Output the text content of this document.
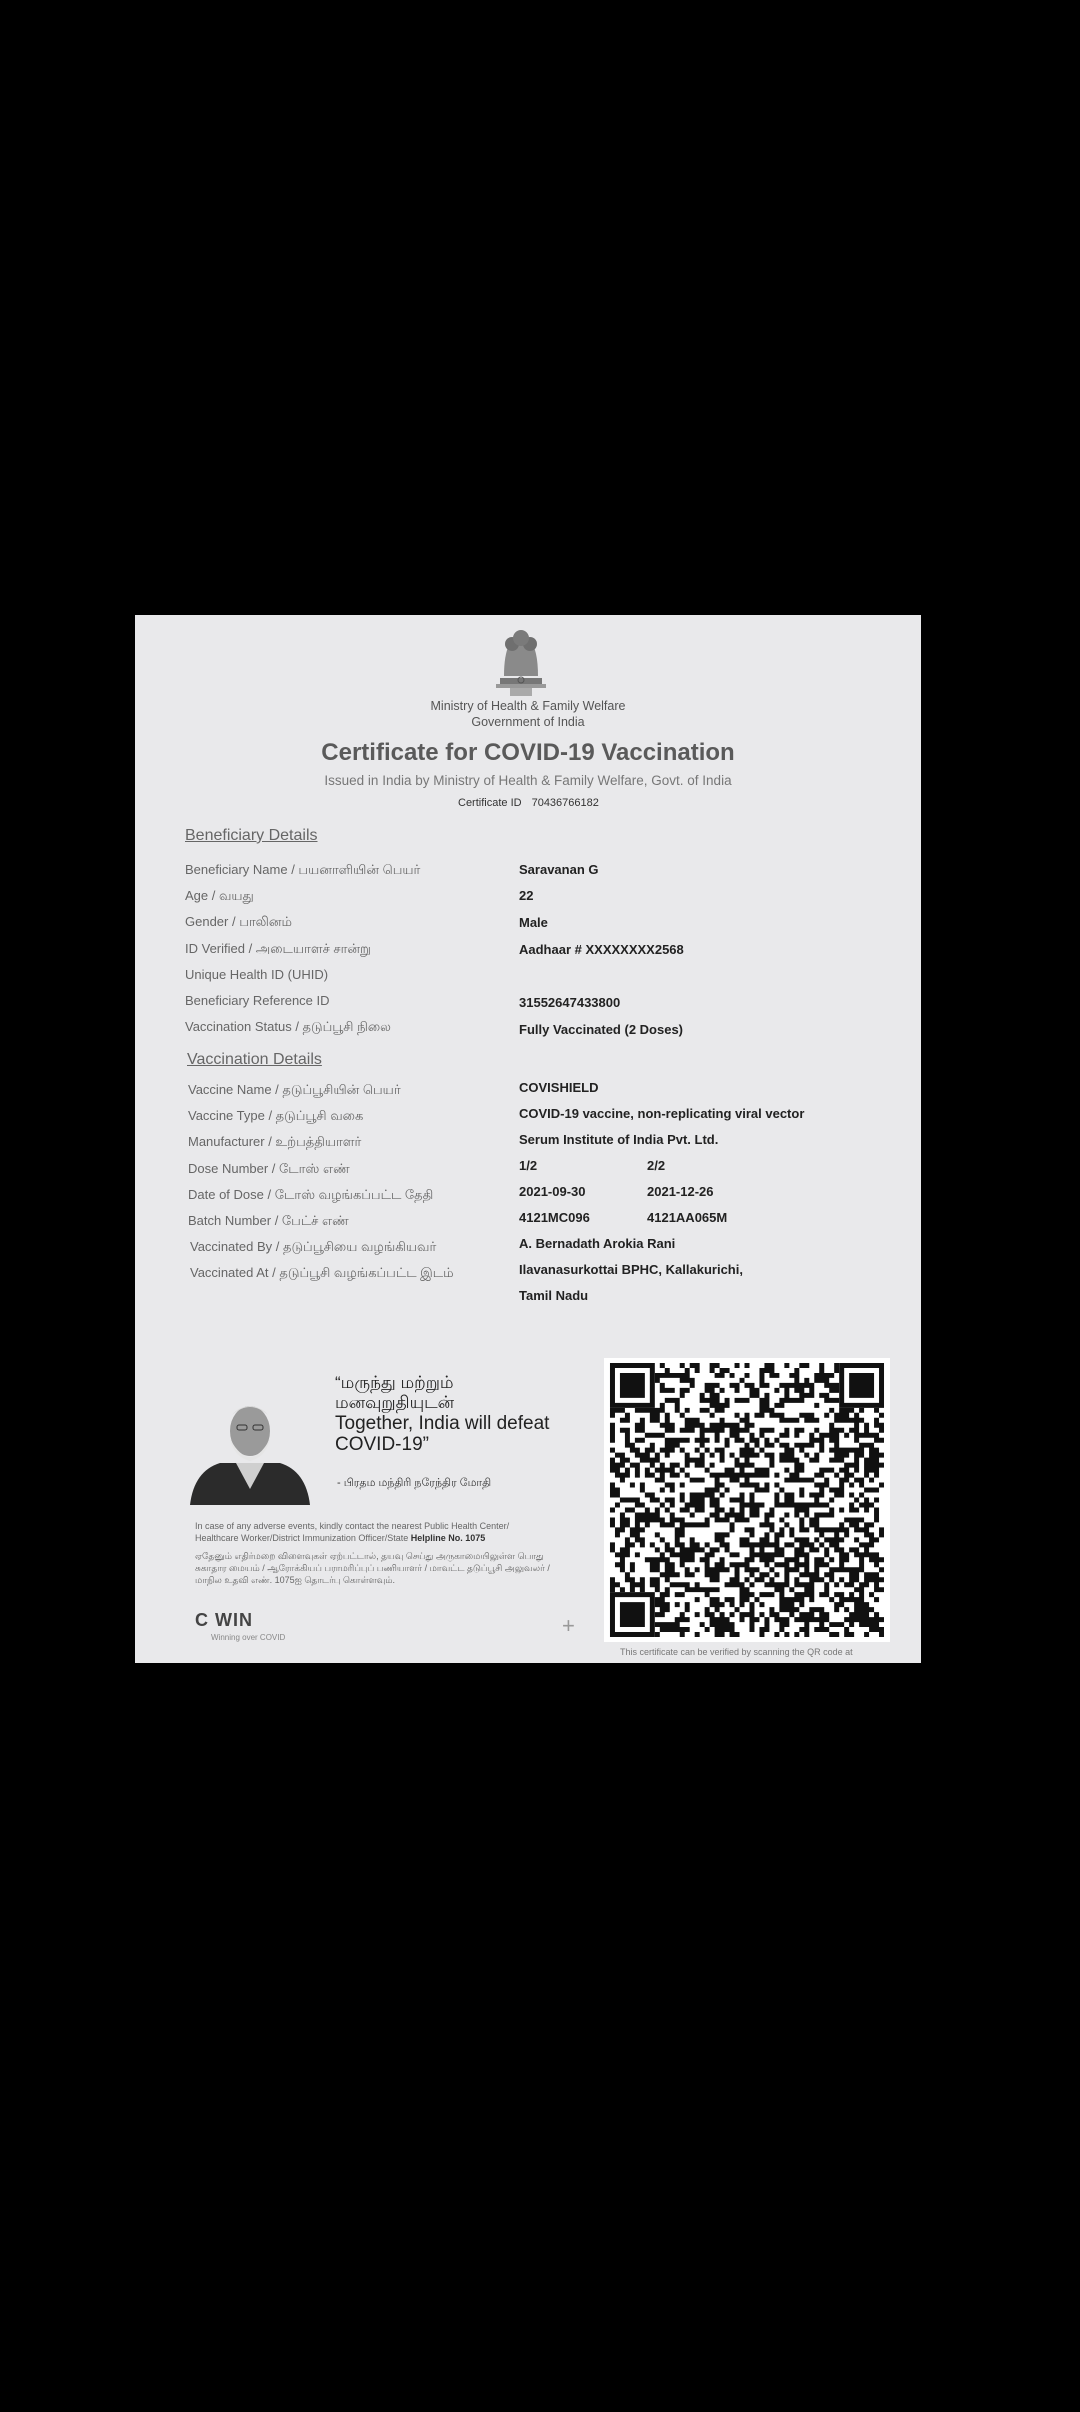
Ministry of Health & Family Welfare
Government of India
Certificate for COVID-19 Vaccination
Issued in India by Ministry of Health & Family Welfare, Govt. of India
Certificate ID 70436766182
Beneficiary Details
Beneficiary Name / பயனாளியின் பெயர்	Saravanan G
Age / வயது	22
Gender / பாலினம்	Male
ID Verified / அடையாளச் சான்று	Aadhaar # XXXXXXXX2568
Unique Health ID (UHID)
Beneficiary Reference ID	31552647433800
Vaccination Status / தடுப்பூசி நிலை	Fully Vaccinated (2 Doses)
Vaccination Details
Vaccine Name / தடுப்பூசியின் பெயர்	COVISHIELD
Vaccine Type / தடுப்பூசி வகை	COVID-19 vaccine, non-replicating viral vector
Manufacturer / உற்பத்தியாளர்	Serum Institute of India Pvt. Ltd.
Dose Number / டோஸ் எண்	1/2	2/2
Date of Dose / டோஸ் வழங்கப்பட்ட தேதி	2021-09-30	2021-12-26
Batch Number / பேட்ச் எண்	4121MC096	4121AA065M
Vaccinated By / தடுப்பூசியை வழங்கியவர்	A. Bernadath Arokia Rani
Vaccinated At / தடுப்பூசி வழங்கப்பட்ட இடம்	Ilavanasurkottai BPHC, Kallakurichi,
Tamil Nadu
“மருந்து மற்றும்
மனவுறுதியுடன்
Together, India will defeat
COVID-19”
- பிரதம மந்திரி நரேந்திர மோதி
In case of any adverse events, kindly contact the nearest Public Health Center/
Healthcare Worker/District Immunization Officer/State Helpline No. 1075
ஏதேனும் எதிர்மறை விளைவுகள் ஏற்பட்டால், தயவு செய்து அருகாமையிலுள்ள பொது
சுகாதார மையம் / ஆரோக்கியப் பராமரிப்புப் பணியாளர் / மாவட்ட தடுப்பூசி அலுவலர் /
மாநில உதவி எண். 1075ஐ தொடர்பு கொள்ளவும்.
C WIN
Winning over COVID	+
This certificate can be verified by scanning the QR code at
